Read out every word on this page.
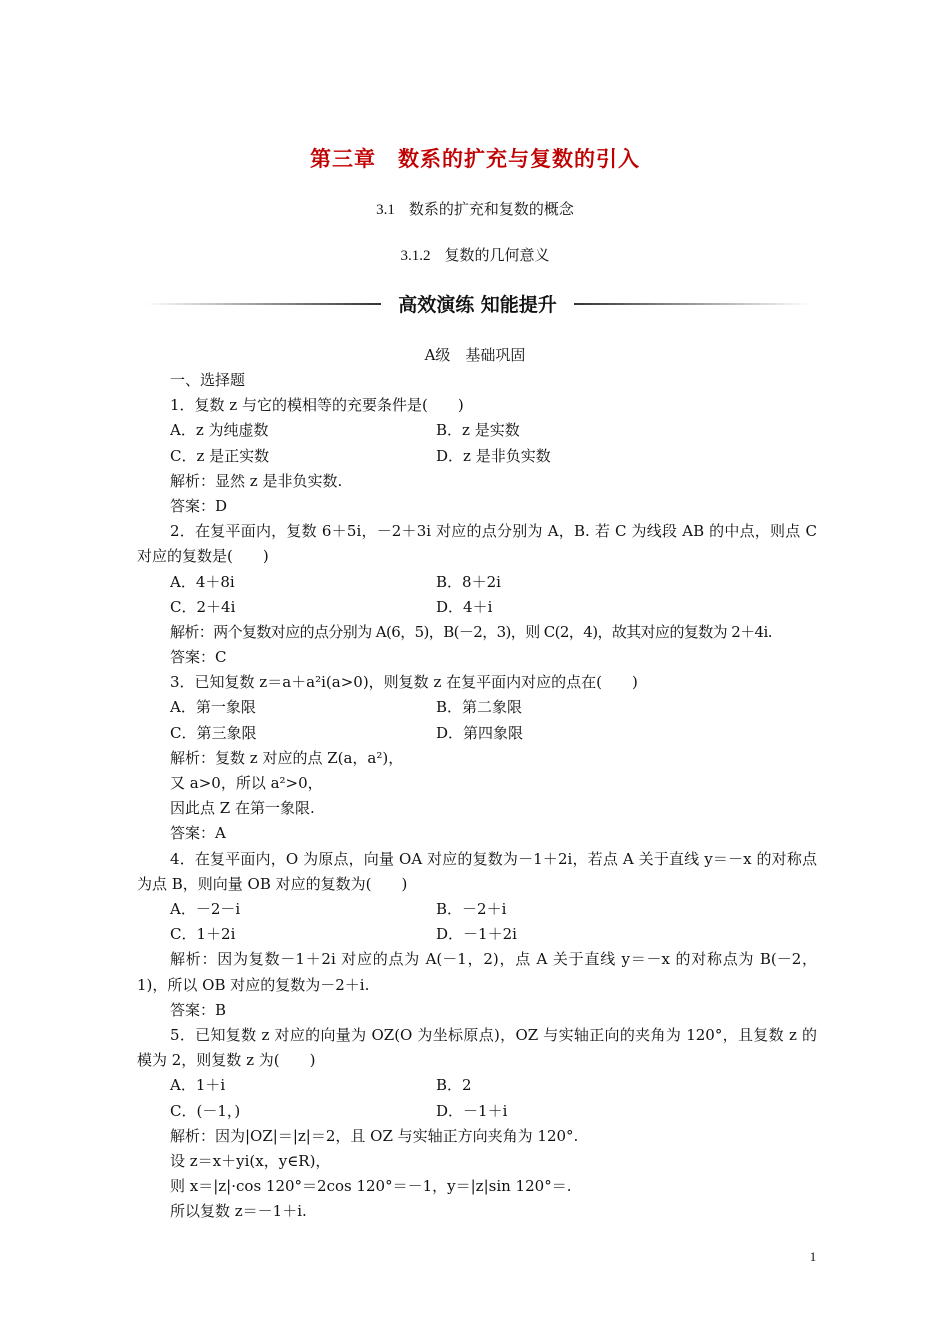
第三章 数系的扩充与复数的引入
3.1 数系的扩充和复数的概念
3.1.2 复数的几何意义
高效演练 知能提升
A级　基础巩固
一、选择题
1．复数 z 与它的模相等的充要条件是(　　)
A．z 为纯虚数	B．z 是实数
C．z 是正实数	D．z 是非负实数
解析：显然 z 是非负实数.
答案：D
2．在复平面内，复数 6＋5i，－2＋3i 对应的点分别为 A，B. 若 C 为线段 AB 的中点，则点 C 对应的复数是(　　)
A．4＋8i	B．8＋2i
C．2＋4i	D．4＋i
解析：两个复数对应的点分别为 A(6，5)，B(－2，3)，则 C(2，4)，故其对应的复数为 2＋4i.
答案：C
3．已知复数 z＝a＋a²i(a>0)，则复数 z 在复平面内对应的点在(　　)
A．第一象限	B．第二象限
C．第三象限	D．第四象限
解析：复数 z 对应的点 Z(a，a²)，
又 a>0，所以 a²>0，
因此点 Z 在第一象限.
答案：A
4．在复平面内，O 为原点，向量 OA 对应的复数为－1＋2i，若点 A 关于直线 y＝－x 的对称点为点 B，则向量 OB 对应的复数为(　　)
A．－2－i	B．－2＋i
C．1＋2i	D．－1＋2i
解析：因为复数－1＋2i 对应的点为 A(－1，2)，点 A 关于直线 y＝－x 的对称点为 B(－2，1)，所以 OB 对应的复数为－2＋i.
答案：B
5．已知复数 z 对应的向量为 OZ(O 为坐标原点)，OZ 与实轴正向的夹角为 120°，且复数 z 的模为 2，则复数 z 为(　　)
A．1＋i	B．2
C．(－1，)	D．－1＋i
解析：因为|OZ|＝|z|＝2，且 OZ 与实轴正方向夹角为 120°.
设 z＝x＋yi(x，y∈R)，
则 x＝|z|·cos 120°＝2cos 120°＝－1，y＝|z|sin 120°＝.
所以复数 z＝－1＋i.
1
